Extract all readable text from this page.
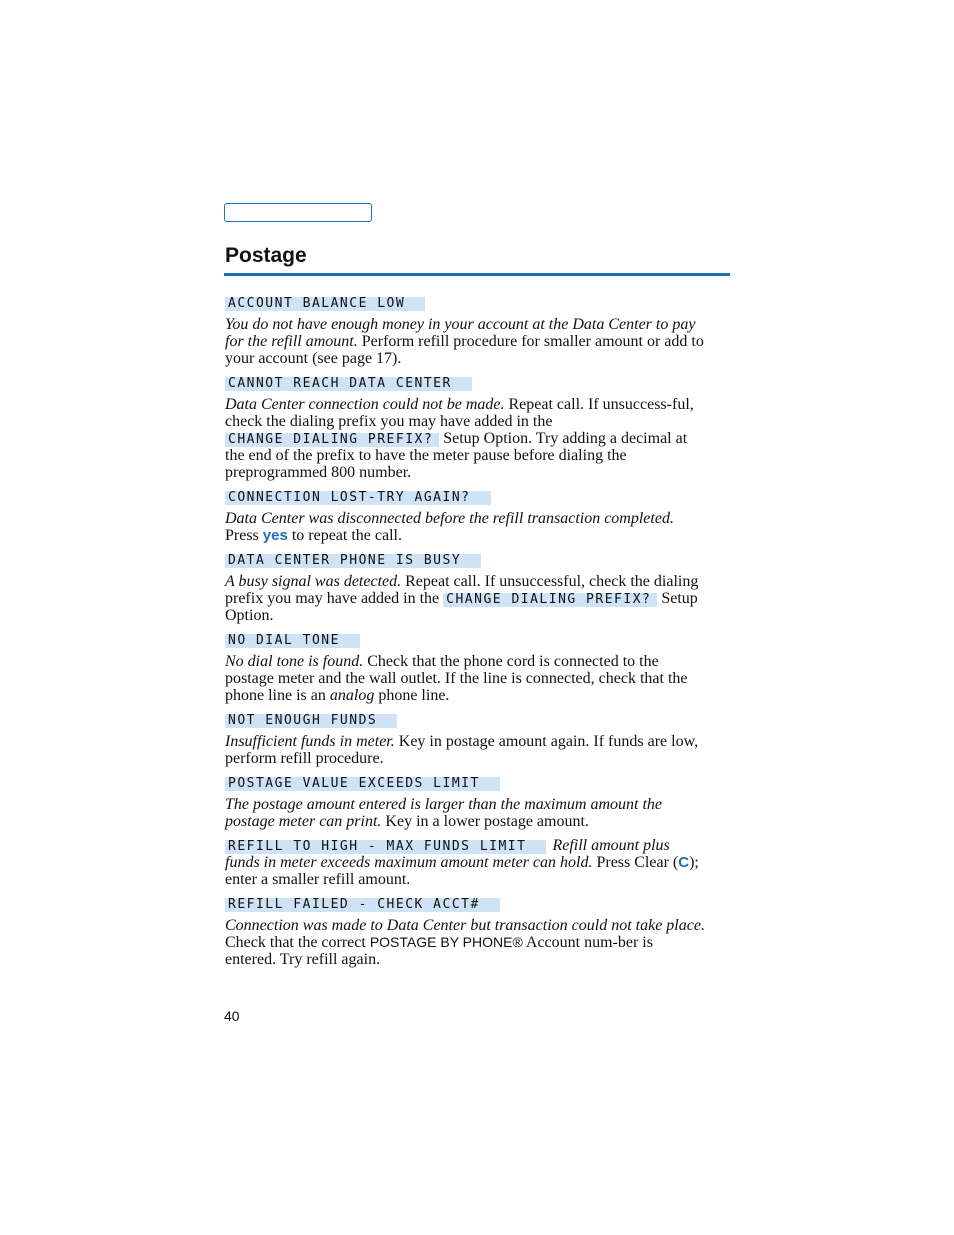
Postage
ACCOUNT BALANCE LOW

You do not have enough money in your account at the Data Center to pay for the refill amount. Perform refill procedure for smaller amount or add to your account (see page 17).

CANNOT REACH DATA CENTER

Data Center connection could not be made. Repeat call. If unsuccess-ful, check the dialing prefix you may have added in the CHANGE DIALING PREFIX? Setup Option. Try adding a decimal at the end of the prefix to have the meter pause before dialing the preprogrammed 800 number.

CONNECTION LOST-TRY AGAIN?

Data Center was disconnected before the refill transaction completed. Press yes to repeat the call.

DATA CENTER PHONE IS BUSY

A busy signal was detected. Repeat call. If unsuccessful, check the dialing prefix you may have added in the CHANGE DIALING PREFIX? Setup Option.

NO DIAL TONE

No dial tone is found. Check that the phone cord is connected to the postage meter and the wall outlet. If the line is connected, check that the phone line is an analog phone line.

NOT ENOUGH FUNDS

Insufficient funds in meter. Key in postage amount again. If funds are low, perform refill procedure.

POSTAGE VALUE EXCEEDS LIMIT

The postage amount entered is larger than the maximum amount the postage meter can print. Key in a lower postage amount.

REFILL TO HIGH - MAX FUNDS LIMIT Refill amount plus funds in meter exceeds maximum amount meter can hold. Press Clear (C); enter a smaller refill amount.

REFILL FAILED - CHECK ACCT#

Connection was made to Data Center but transaction could not take place. Check that the correct POSTAGE BY PHONE® Account num-ber is entered. Try refill again.

40
